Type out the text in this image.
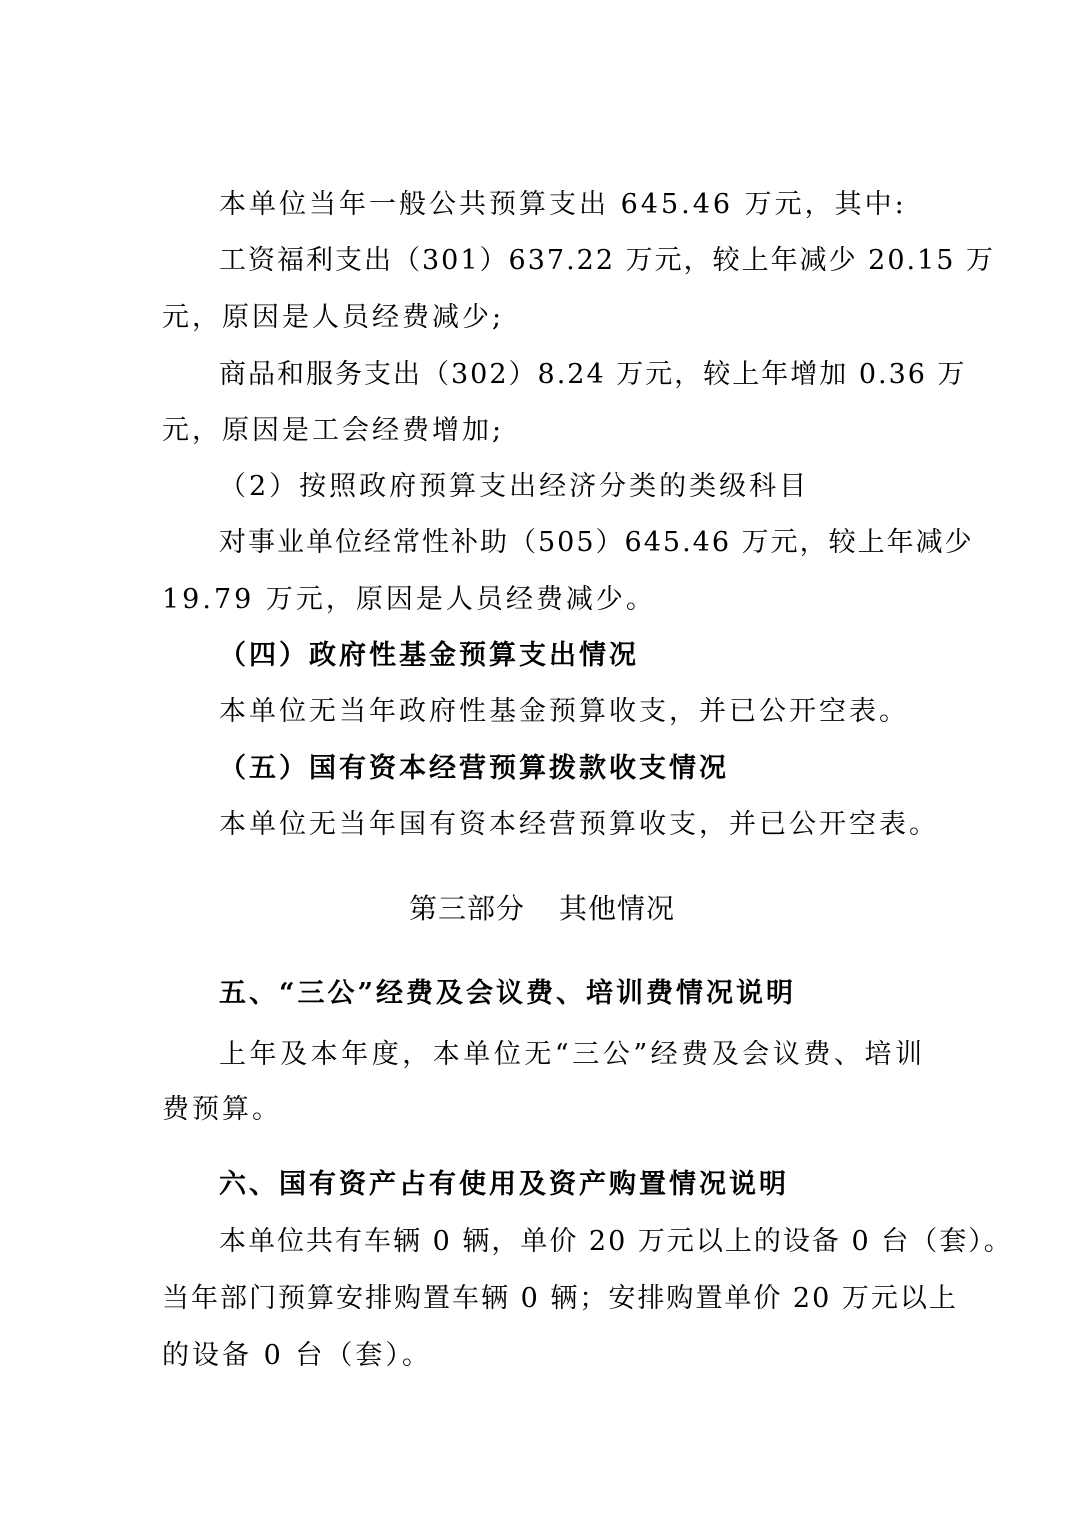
本单位当年一般公共预算支出 645.46 万元，其中:

工资福利支出（301）637.22 万元，较上年减少 20.15 万

元，原因是人员经费减少;

商品和服务支出（302）8.24 万元，较上年增加 0.36 万

元，原因是工会经费增加;

（2）按照政府预算支出经济分类的类级科目

对事业单位经常性补助（505）645.46 万元，较上年减少

19.79 万元，原因是人员经费减少。

（四）政府性基金预算支出情况

本单位无当年政府性基金预算收支，并已公开空表。

（五）国有资本经营预算拨款收支情况

本单位无当年国有资本经营预算收支，并已公开空表。

第三部分 其他情况

五、“三公”经费及会议费、培训费情况说明

上年及本年度，本单位无“三公”经费及会议费、培训

费预算。

六、国有资产占有使用及资产购置情况说明

本单位共有车辆 0 辆，单价 20 万元以上的设备 0 台（套）。

当年部门预算安排购置车辆 0 辆；安排购置单价 20 万元以上

的设备 0 台（套）。
